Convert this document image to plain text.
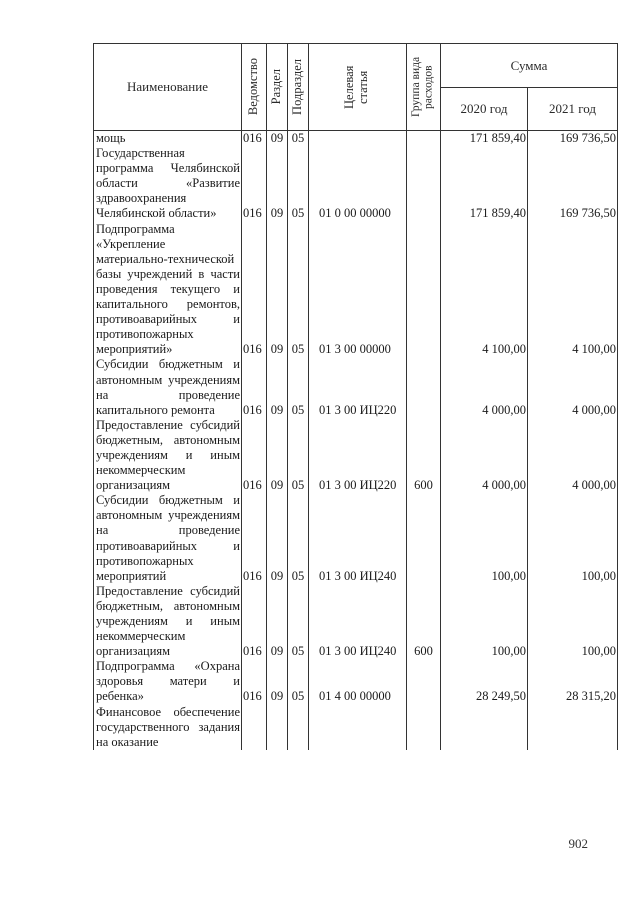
Наименование	Ведомство	Раздел	Подраздел	Целевая статья	Группа вида расходов	Сумма	
						2020 год	2021 год
мощь	016	09	05			171 859,40	169 736,50
Государственная программа Челябинской области «Развитие здравоохранения Челябинской области»	016	09	05	01 0 00 00000		171 859,40	169 736,50
Подпрограмма «Укрепление материально-технической базы учреждений в части проведения текущего и капитального ремонтов, противоаварийных и противопожарных мероприятий»	016	09	05	01 3 00 00000		4 100,00	4 100,00
Субсидии бюджетным и автономным учреждениям на проведение капитального ремонта	016	09	05	01 3 00 ИЦ220		4 000,00	4 000,00
Предоставление субсидий бюджетным, автономным учреждениям и иным некоммерческим организациям	016	09	05	01 3 00 ИЦ220	600	4 000,00	4 000,00
Субсидии бюджетным и автономным учреждениям на проведение противоаварийных и противопожарных мероприятий	016	09	05	01 3 00 ИЦ240		100,00	100,00
Предоставление субсидий бюджетным, автономным учреждениям и иным некоммерческим организациям	016	09	05	01 3 00 ИЦ240	600	100,00	100,00
Подпрограмма «Охрана здоровья матери и ребенка»	016	09	05	01 4 00 00000		28 249,50	28 315,20
Финансовое обеспечение государственного задания на оказание							
902
